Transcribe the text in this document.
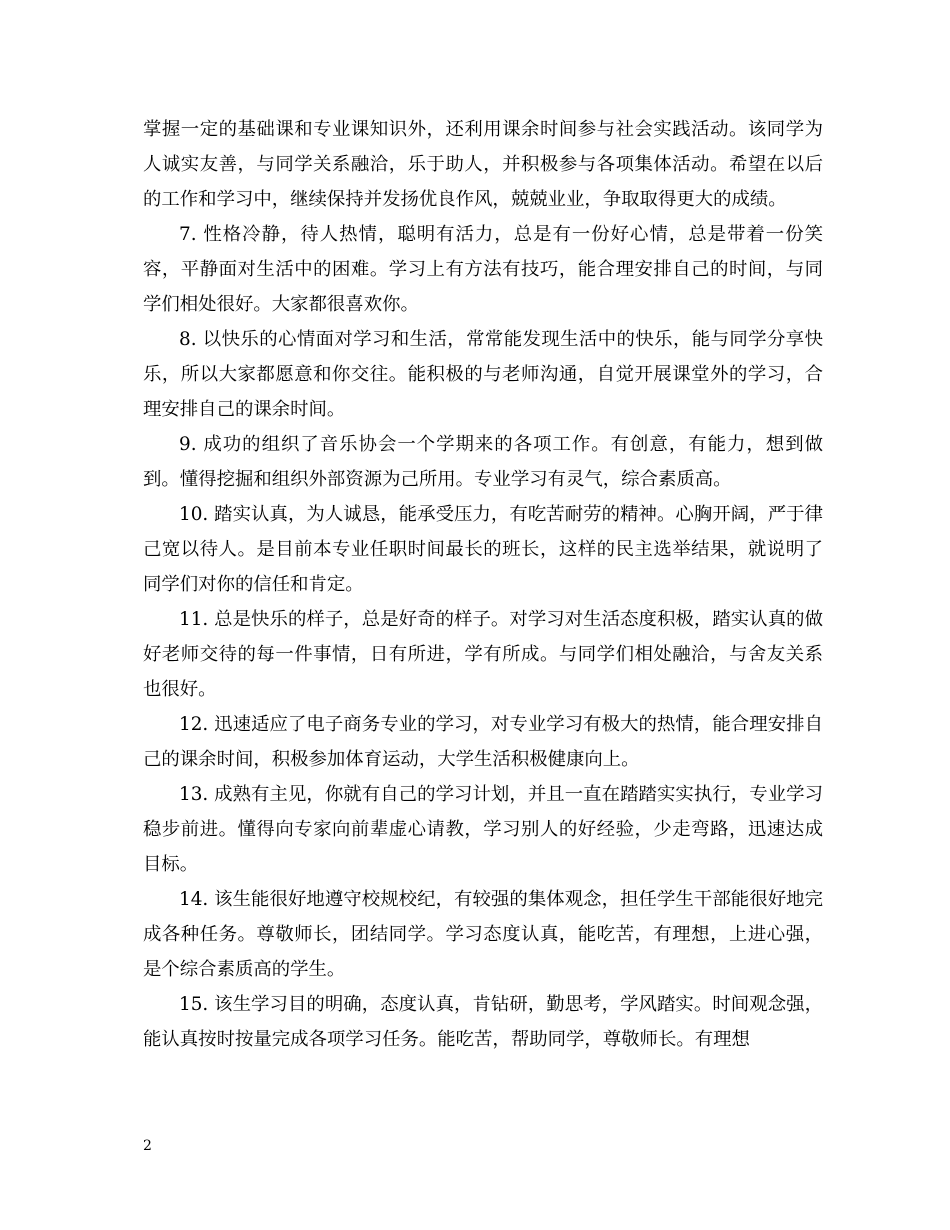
掌握一定的基础课和专业课知识外，还利用课余时间参与社会实践活动。该同学为人诚实友善，与同学关系融洽，乐于助人，并积极参与各项集体活动。希望在以后的工作和学习中，继续保持并发扬优良作风，兢兢业业，争取取得更大的成绩。

7. 性格冷静，待人热情，聪明有活力，总是有一份好心情，总是带着一份笑容，平静面对生活中的困难。学习上有方法有技巧，能合理安排自己的时间，与同学们相处很好。大家都很喜欢你。

8. 以快乐的心情面对学习和生活，常常能发现生活中的快乐，能与同学分享快乐，所以大家都愿意和你交往。能积极的与老师沟通，自觉开展课堂外的学习，合理安排自己的课余时间。

9. 成功的组织了音乐协会一个学期来的各项工作。有创意，有能力，想到做到。懂得挖掘和组织外部资源为己所用。专业学习有灵气，综合素质高。

10. 踏实认真，为人诚恳，能承受压力，有吃苦耐劳的精神。心胸开阔，严于律己宽以待人。是目前本专业任职时间最长的班长，这样的民主选举结果，就说明了同学们对你的信任和肯定。

11. 总是快乐的样子，总是好奇的样子。对学习对生活态度积极，踏实认真的做好老师交待的每一件事情，日有所进，学有所成。与同学们相处融洽，与舍友关系也很好。

12. 迅速适应了电子商务专业的学习，对专业学习有极大的热情，能合理安排自己的课余时间，积极参加体育运动，大学生活积极健康向上。

13. 成熟有主见，你就有自己的学习计划，并且一直在踏踏实实执行，专业学习稳步前进。懂得向专家向前辈虚心请教，学习别人的好经验，少走弯路，迅速达成目标。

14. 该生能很好地遵守校规校纪，有较强的集体观念，担任学生干部能很好地完成各种任务。尊敬师长，团结同学。学习态度认真，能吃苦，有理想，上进心强，是个综合素质高的学生。

15. 该生学习目的明确，态度认真，肯钻研，勤思考，学风踏实。时间观念强，能认真按时按量完成各项学习任务。能吃苦，帮助同学，尊敬师长。有理想

2
